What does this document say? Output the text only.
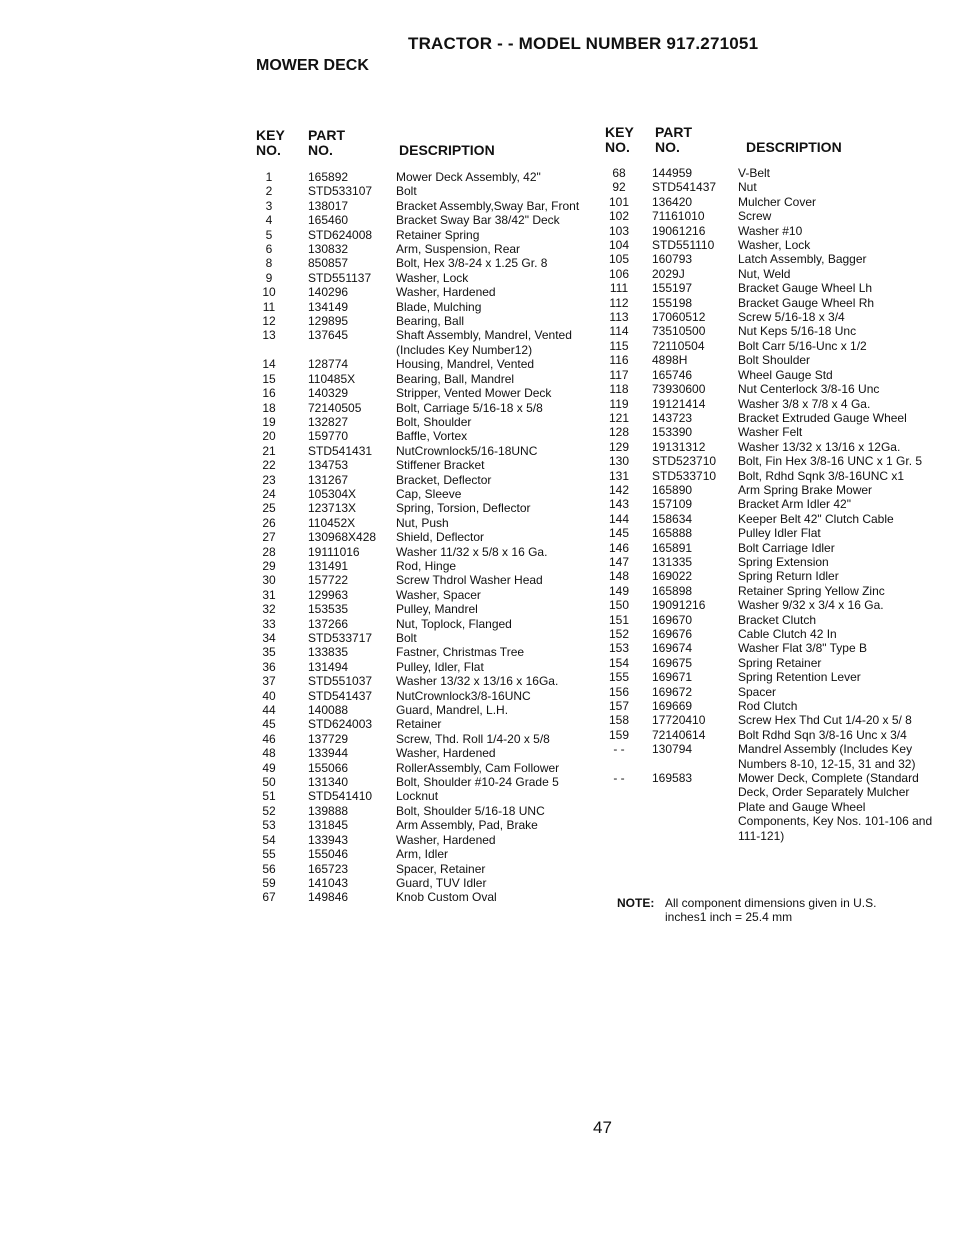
TRACTOR - - MODEL NUMBER 917.271051
MOWER DECK
KEY
NO.
PART
NO.	DESCRIPTION
KEY
NO.
PART
NO.	DESCRIPTION
1	165892	Mower Deck Assembly, 42"
2	STD533107	Bolt
3	138017	Bracket Assembly,Sway Bar, Front
4	165460	Bracket Sway Bar 38/42" Deck
5	STD624008	Retainer Spring
6	130832	Arm, Suspension, Rear
8	850857	Bolt, Hex 3/8-24 x 1.25 Gr. 8
9	STD551137	Washer, Lock
10	140296	Washer, Hardened
11	134149	Blade, Mulching
12	129895	Bearing, Ball
13	137645	Shaft Assembly, Mandrel, Vented (Includes Key Number12)
14	128774	Housing, Mandrel, Vented
15	110485X	Bearing, Ball, Mandrel
16	140329	Stripper, Vented Mower Deck
18	72140505	Bolt, Carriage 5/16-18 x 5/8
19	132827	Bolt, Shoulder
20	159770	Baffle, Vortex
21	STD541431	NutCrownlock5/16-18UNC
22	134753	Stiffener Bracket
23	131267	Bracket, Deflector
24	105304X	Cap, Sleeve
25	123713X	Spring, Torsion, Deflector
26	110452X	Nut, Push
27	130968X428	Shield, Deflector
28	19111016	Washer 11/32 x 5/8 x 16 Ga.
29	131491	Rod, Hinge
30	157722	Screw Thdrol Washer Head
31	129963	Washer, Spacer
32	153535	Pulley, Mandrel
33	137266	Nut, Toplock, Flanged
34	STD533717	Bolt
35	133835	Fastner, Christmas Tree
36	131494	Pulley, Idler, Flat
37	STD551037	Washer 13/32 x 13/16 x 16Ga.
40	STD541437	NutCrownlock3/8-16UNC
44	140088	Guard, Mandrel, L.H.
45	STD624003	Retainer
46	137729	Screw, Thd. Roll 1/4-20 x 5/8
48	133944	Washer, Hardened
49	155066	RollerAssembly, Cam Follower
50	131340	Bolt, Shoulder #10-24 Grade 5
51	STD541410	Locknut
52	139888	Bolt, Shoulder 5/16-18 UNC
53	131845	Arm Assembly, Pad, Brake
54	133943	Washer, Hardened
55	155046	Arm, Idler
56	165723	Spacer, Retainer
59	141043	Guard, TUV Idler
67	149846	Knob Custom Oval
68	144959	V-Belt
92	STD541437	Nut
101	136420	Mulcher Cover
102	71161010	Screw
103	19061216	Washer #10
104	STD551110	Washer, Lock
105	160793	Latch Assembly, Bagger
106	2029J	Nut, Weld
111	155197	Bracket Gauge Wheel Lh
112	155198	Bracket Gauge Wheel Rh
113	17060512	Screw 5/16-18 x 3/4
114	73510500	Nut Keps 5/16-18 Unc
115	72110504	Bolt Carr 5/16-Unc x 1/2
116	4898H	Bolt Shoulder
117	165746	Wheel Gauge Std
118	73930600	Nut Centerlock 3/8-16 Unc
119	19121414	Washer 3/8 x 7/8 x 4 Ga.
121	143723	Bracket Extruded Gauge Wheel
128	153390	Washer Felt
129	19131312	Washer 13/32 x 13/16 x 12Ga.
130	STD523710	Bolt, Fin Hex 3/8-16 UNC x 1 Gr. 5
131	STD533710	Bolt, Rdhd Sqnk 3/8-16UNC x1
142	165890	Arm Spring Brake Mower
143	157109	Bracket Arm Idler 42"
144	158634	Keeper Belt 42" Clutch Cable
145	165888	Pulley Idler Flat
146	165891	Bolt Carriage Idler
147	131335	Spring Extension
148	169022	Spring Return Idler
149	165898	Retainer Spring Yellow Zinc
150	19091216	Washer 9/32 x 3/4 x 16 Ga.
151	169670	Bracket Clutch
152	169676	Cable Clutch 42 In
153	169674	Washer Flat 3/8" Type B
154	169675	Spring Retainer
155	169671	Spring Retention Lever
156	169672	Spacer
157	169669	Rod Clutch
158	17720410	Screw Hex Thd Cut 1/4-20 x 5/ 8
159	72140614	Bolt Rdhd Sqn 3/8-16 Unc x 3/4
- -	130794	Mandrel Assembly (Includes Key Numbers 8-10, 12-15, 31 and 32)
- -	169583	Mower Deck, Complete (Standard Deck, Order Separately Mulcher Plate and Gauge Wheel Components, Key Nos. 101-106 and 111-121)
NOTE: All component dimensions given in U.S. inches1 inch = 25.4 mm
47
